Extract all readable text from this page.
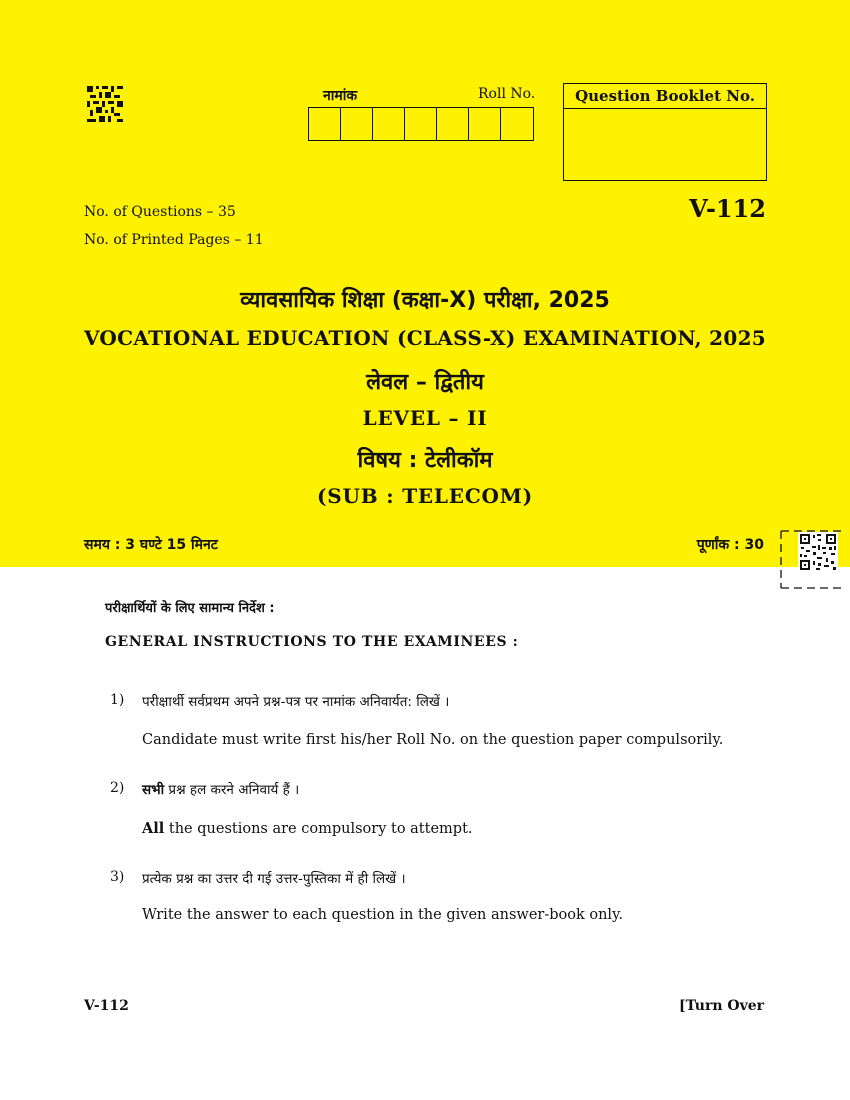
नामांक	Roll No.	Question Booklet No.
No. of Questions – 35
No. of Printed Pages – 11
V-112
व्यावसायिक शिक्षा (कक्षा-X) परीक्षा, 2025
VOCATIONAL EDUCATION (CLASS-X) EXAMINATION, 2025
लेवल – द्वितीय
LEVEL – II
विषय : टेलीकॉम
(SUB : TELECOM)
समय : 3 घण्टे 15 मिनट	पूर्णांक : 30
परीक्षार्थियों के लिए सामान्य निर्देश :
GENERAL INSTRUCTIONS TO THE EXAMINEES :
1) परीक्षार्थी सर्वप्रथम अपने प्रश्न-पत्र पर नामांक अनिवार्यत: लिखें ।
Candidate must write first his/her Roll No. on the question paper compulsorily.
2) सभी प्रश्न हल करने अनिवार्य हैं ।
All the questions are compulsory to attempt.
3) प्रत्येक प्रश्न का उत्तर दी गई उत्तर-पुस्तिका में ही लिखें ।
Write the answer to each question in the given answer-book only.
V-112	[Turn Over
